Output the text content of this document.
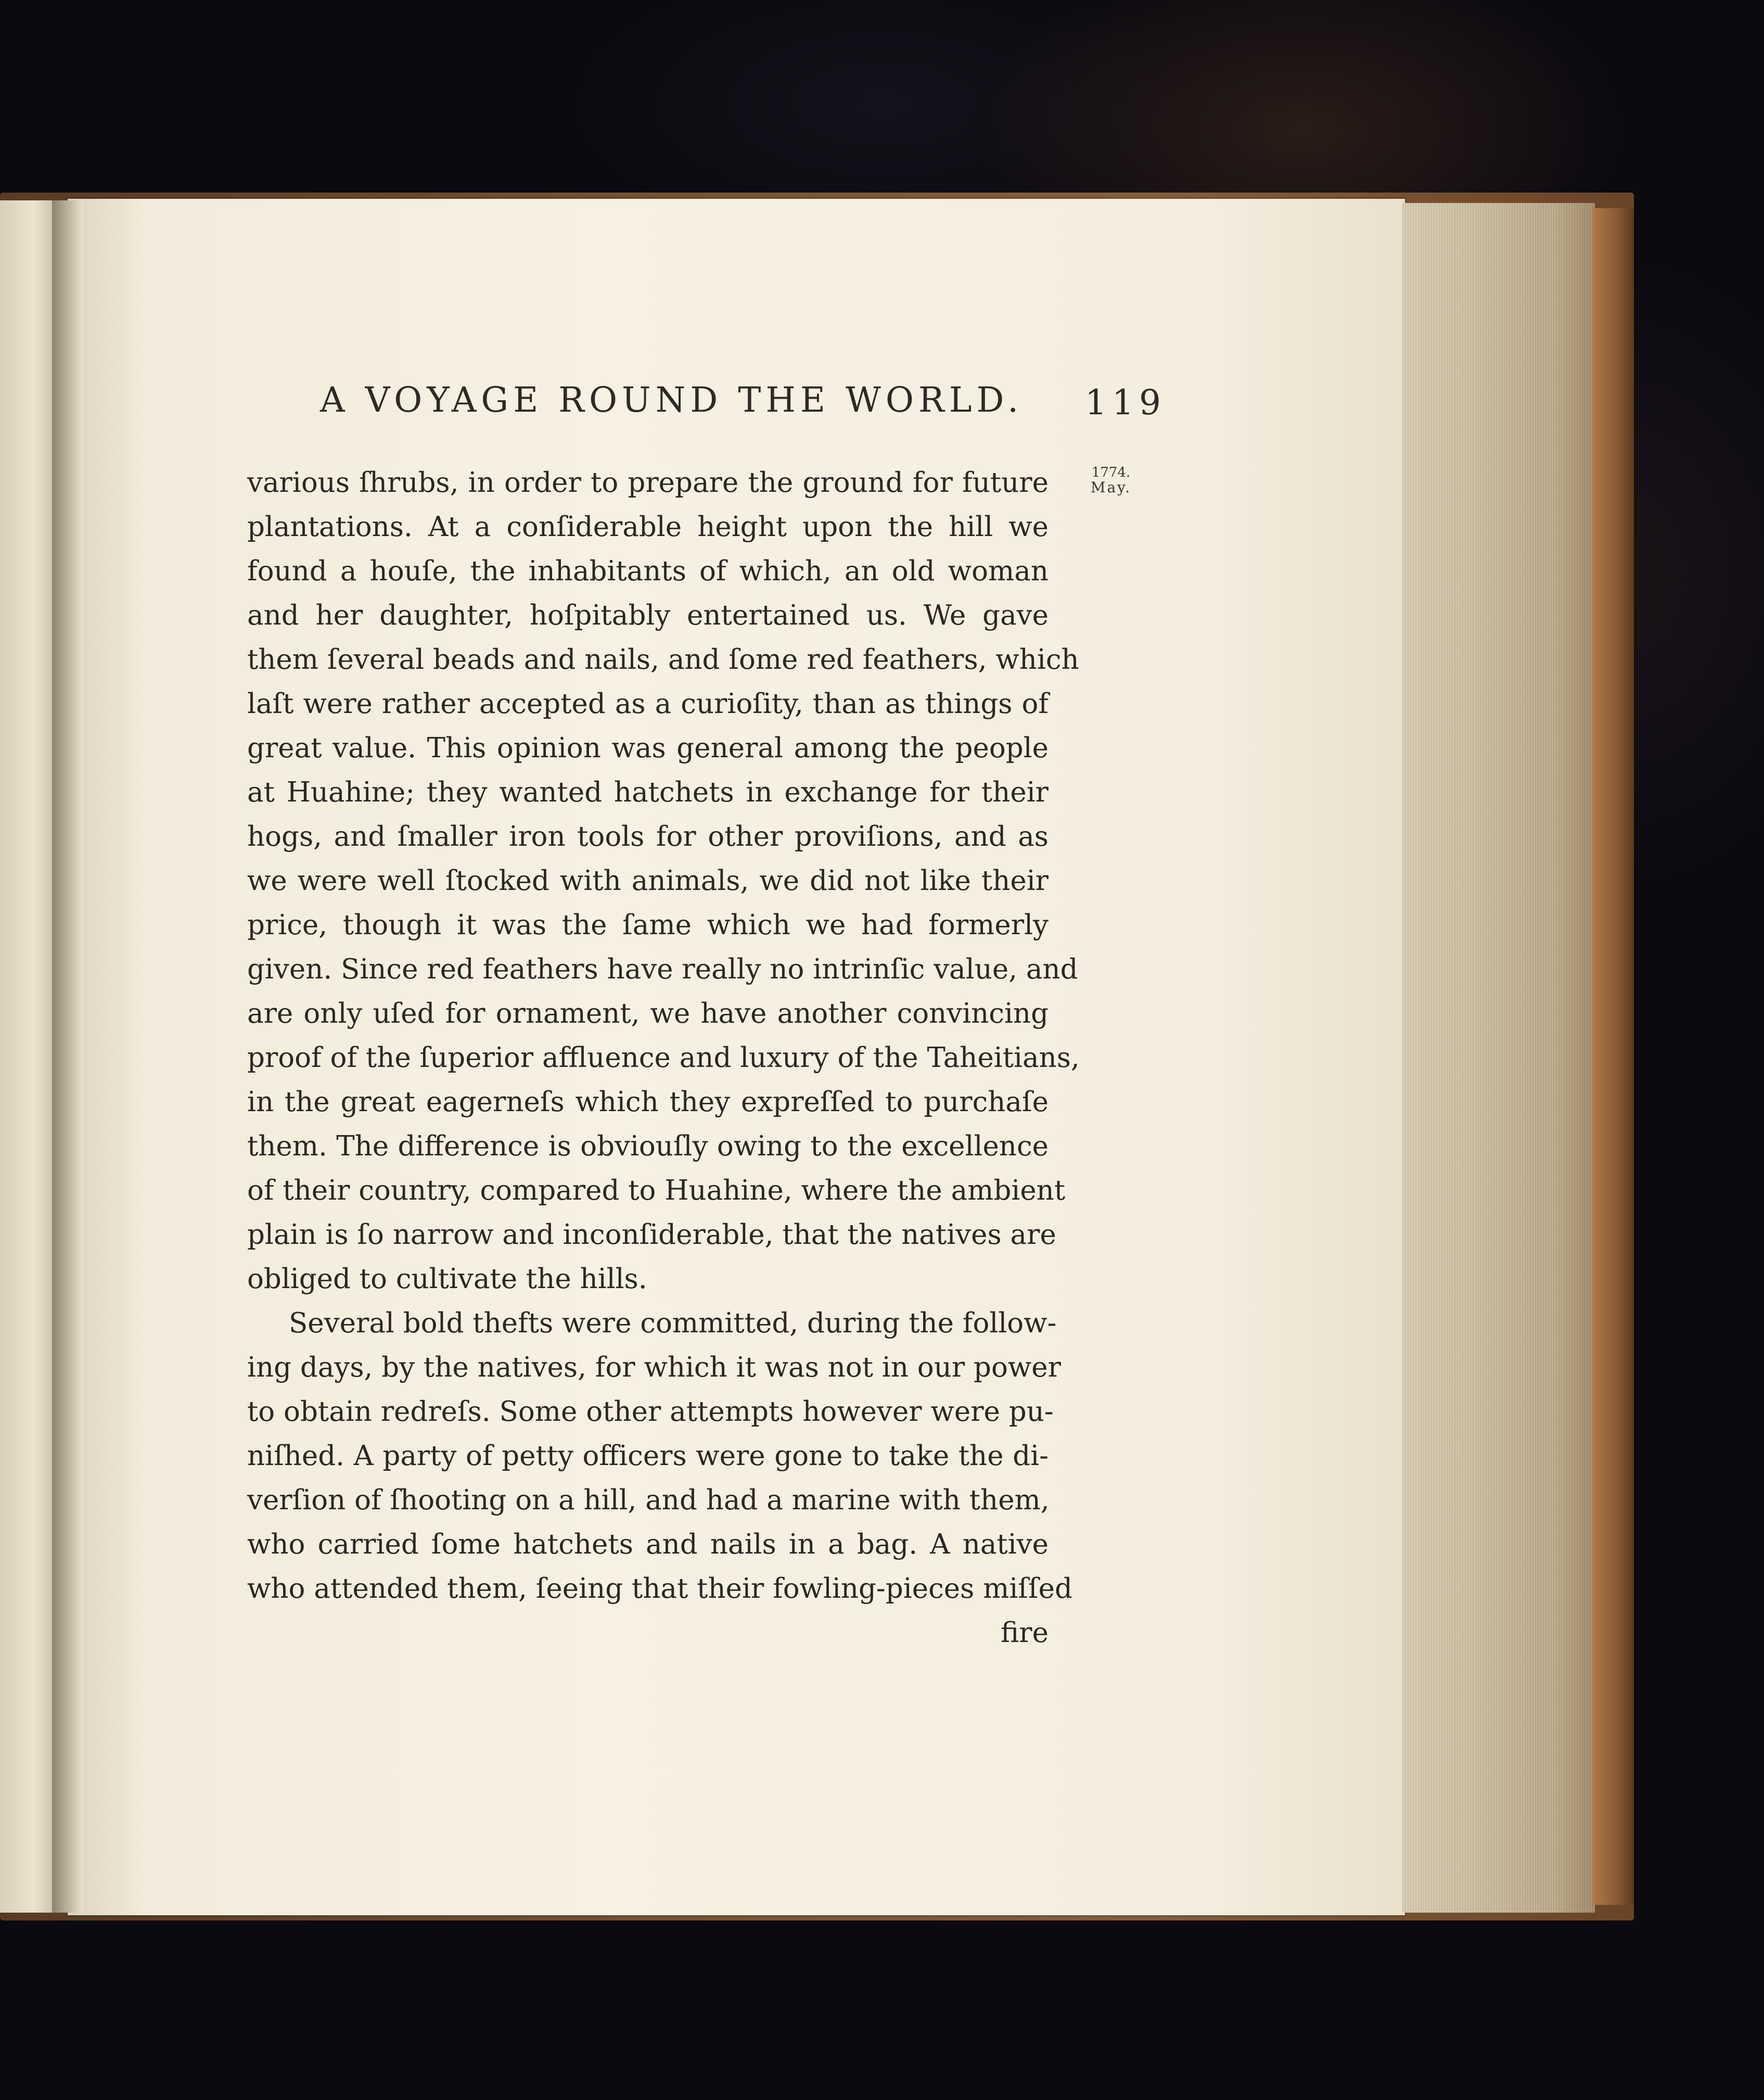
A VOYAGE ROUND THE WORLD. 119
1774.
May.
various ſhrubs, in order to prepare the ground for future
plantations. At a conſiderable height upon the hill we
found a houſe, the inhabitants of which, an old woman
and her daughter, hoſpitably entertained us. We gave
them ſeveral beads and nails, and ſome red feathers, which
laſt were rather accepted as a curioſity, than as things of
great value. This opinion was general among the people
at Huahine; they wanted hatchets in exchange for their
hogs, and ſmaller iron tools for other proviſions, and as
we were well ſtocked with animals, we did not like their
price, though it was the ſame which we had formerly
given. Since red feathers have really no intrinſic value, and
are only uſed for ornament, we have another convincing
proof of the ſuperior affluence and luxury of the Taheitians,
in the great eagerneſs which they expreſſed to purchaſe
them. The difference is obviouſly owing to the excellence
of their country, compared to Huahine, where the ambient
plain is ſo narrow and inconſiderable, that the natives are
obliged to cultivate the hills.
Several bold thefts were committed, during the follow-
ing days, by the natives, for which it was not in our power
to obtain redreſs. Some other attempts however were pu-
niſhed. A party of petty officers were gone to take the di-
verſion of ſhooting on a hill, and had a marine with them,
who carried ſome hatchets and nails in a bag. A native
who attended them, ſeeing that their fowling-pieces miſſed
fire
